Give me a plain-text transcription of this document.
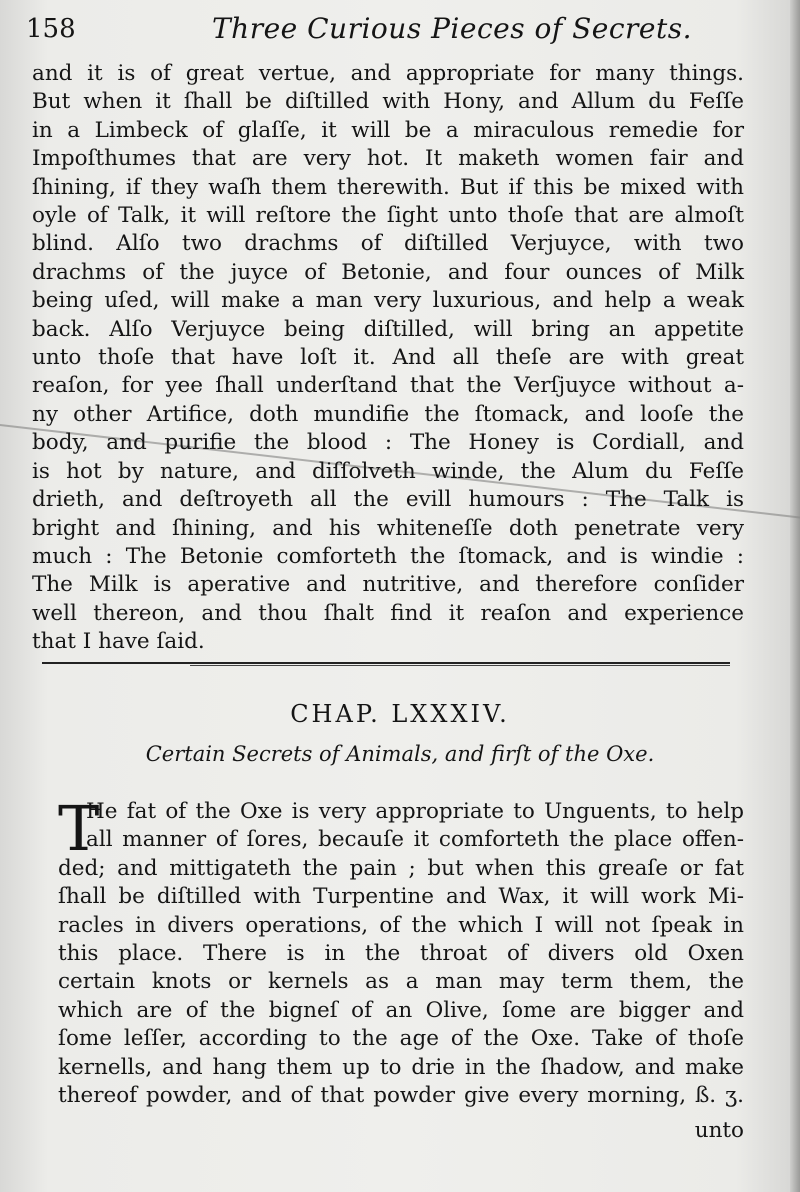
158	Three Curious Pieces of Secrets.
and it is of great vertue, and appropriate for many things.
But when it ſhall be diſtilled with Hony, and Allum du Feſſe
in a Limbeck of glaſſe, it will be a miraculous remedie for
Impoſthumes that are very hot. It maketh women fair and
ſhining, if they waſh them therewith. But if this be mixed with
oyle of Talk, it will reſtore the ſight unto thoſe that are almoſt
blind. Alſo two drachms of diſtilled Verjuyce, with two
drachms of the juyce of Betonie, and four ounces of Milk
being uſed, will make a man very luxurious, and help a weak
back. Alſo Verjuyce being diſtilled, will bring an appetite
unto thoſe that have loſt it. And all theſe are with great
reaſon, for yee ſhall underſtand that the Verſjuyce without a-
ny other Artifice, doth mundifie the ſtomack, and looſe the
body, and purifie the blood : The Honey is Cordiall, and
is hot by nature, and diſſolveth winde, the Alum du Feſſe
drieth, and deſtroyeth all the evill humours : The Talk is
bright and ſhining, and his whiteneſſe doth penetrate very
much : The Betonie comforteth the ſtomack, and is windie :
The Milk is aperative and nutritive, and therefore conſider
well thereon, and thou ſhalt find it reaſon and experience
that I have ſaid.
CHAP. LXXXIV.
Certain Secrets of Animals, and firſt of the Oxe.
T
He fat of the Oxe is very appropriate to Unguents, to help
all manner of ſores, becauſe it comforteth the place offen-
ded; and mittigateth the pain ; but when this greaſe or fat
ſhall be diſtilled with Turpentine and Wax, it will work Mi-
racles in divers operations, of the which I will not ſpeak in
this place. There is in the throat of divers old Oxen
certain knots or kernels as a man may term them, the
which are of the bigneſ of an Olive, ſome are bigger and
ſome leſſer, according to the age of the Oxe. Take of thoſe
kernells, and hang them up to drie in the ſhadow, and make
thereof powder, and of that powder give every morning, ß. ʒ.
unto
